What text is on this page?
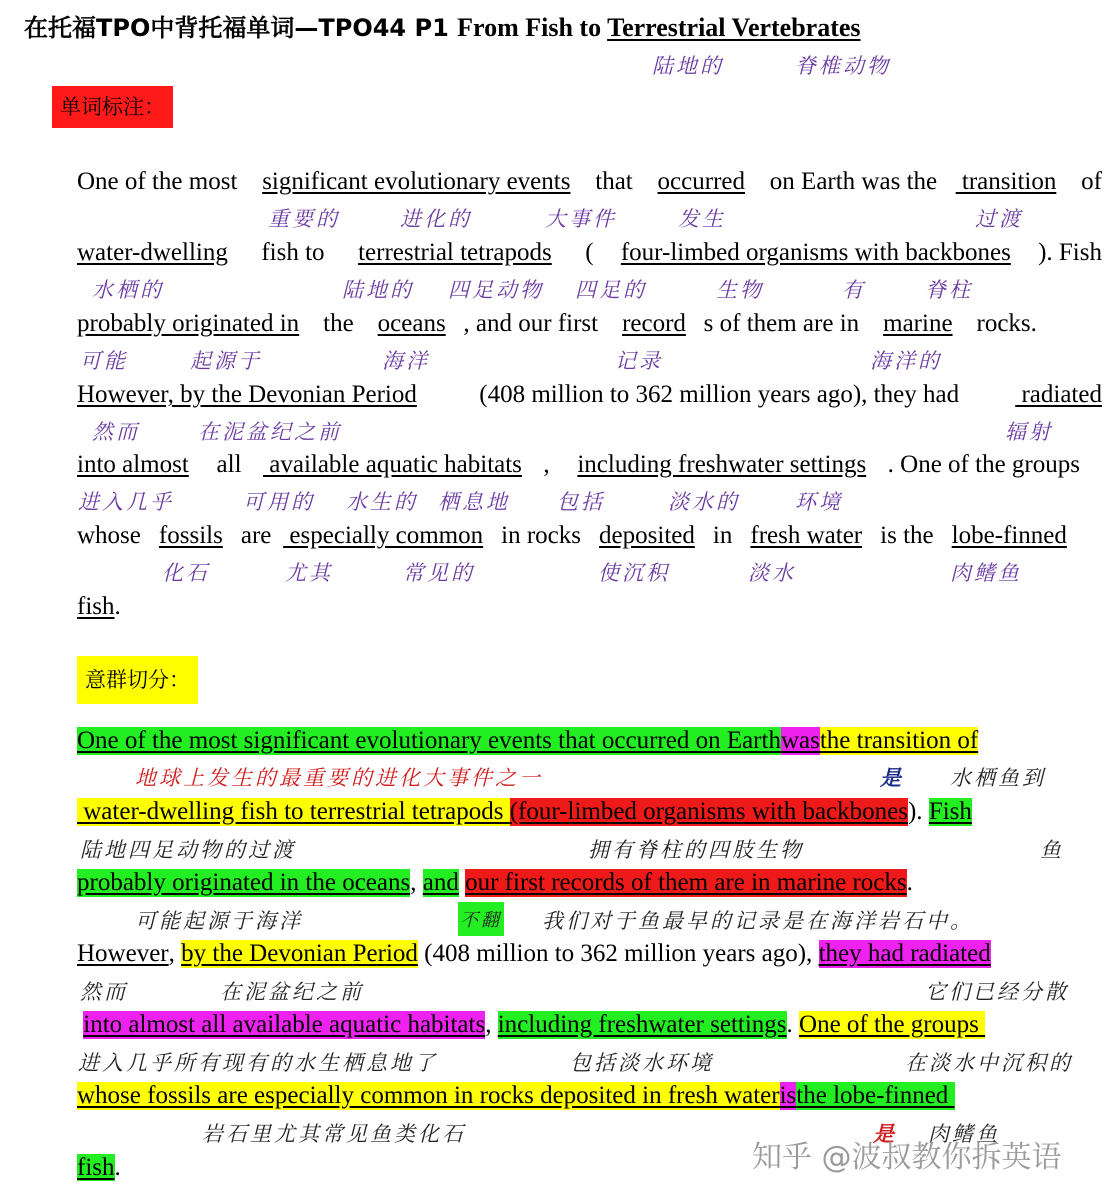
在托福TPO中背托福单词—TPO44 P1 From Fish to Terrestrial Vertebrates
陆地的	脊椎动物
单词标注：
One of the most significant evolutionary events that occurred on Earth was the transition of
重要的	进化的	大事件	发生	过渡
water-dwelling fish to terrestrial tetrapods ( four-limbed organisms with backbones ). Fish
水栖的	陆地的 四足动物 四足的	生物	有	脊柱
probably originated in the oceans , and our first record s of them are in marine rocks.
可能	起源于	海洋	记录	海洋的
However, by the Devonian Period (408 million to 362 million years ago), they had radiated
然而	在泥盆纪之前	辐射
into almost all available aquatic habitats , including freshwater settings . One of the groups
进入几乎	可用的 水生的 栖息地 包括	淡水的	环境
whose fossils are especially common in rocks deposited in fresh water is the lobe-finned
化石	尤其	常见的	使沉积	淡水	肉鳍鱼
fish.
意群切分：
One of the most significant evolutionary events that occurred on Earth was the transition of
地球上发生的最重要的进化大事件之一	是 水栖鱼到
water-dwelling fish to terrestrial tetrapods (four-limbed organisms with backbones ). Fish
陆地四足动物的过渡	拥有脊柱的四肢生物	鱼
probably originated in the oceans , and
our first records of them are in marine rocks .
可能起源于海洋	不翻 我们对于鱼最早的记录是在海洋岩石中。
However , by the Devonian Period (408 million to 362 million years ago), they had radiated
然而	在泥盆纪之前	它们已经分散

into almost all available aquatic habitats , including freshwater settings . One of the groups
进入几乎所有现有的水生栖息地了	包括淡水环境	在淡水中沉积的
whose fossils are especially common in rocks deposited in fresh water is the lobe-finned
岩石里尤其常见鱼类化石	是 肉鳍鱼
fish.	知乎 @波叔教你拆英语
